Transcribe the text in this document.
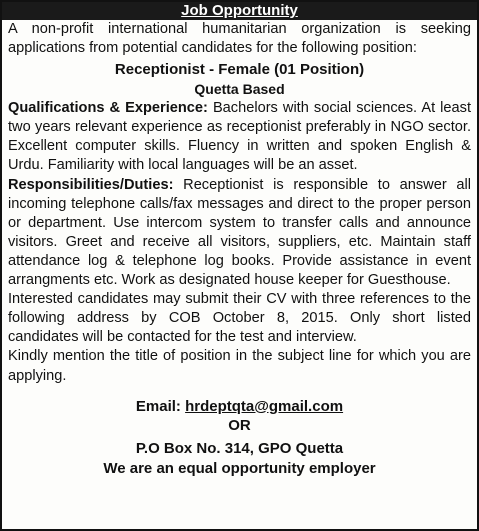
Job Opportunity

A non-profit international humanitarian organization is seeking applications from potential candidates for the following position:

Receptionist - Female (01 Position)
Quetta Based

Qualifications & Experience: Bachelors with social sciences. At least two years relevant experience as receptionist preferably in NGO sector. Excellent computer skills. Fluency in written and spoken English & Urdu. Familiarity with local languages will be an asset.

Responsibilities/Duties: Receptionist is responsible to answer all incoming telephone calls/fax messages and direct to the proper person or department. Use intercom system to transfer calls and announce visitors. Greet and receive all visitors, suppliers, etc. Maintain staff attendance log & telephone log books. Provide assistance in event arrangments etc. Work as designated house keeper for Guesthouse.

Interested candidates may submit their CV with three references to the following address by COB October 8, 2015. Only short listed candidates will be contacted for the test and interview.

Kindly mention the title of position in the subject line for which you are applying.

Email: hrdeptqta@gmail.com
OR
P.O Box No. 314, GPO Quetta
We are an equal opportunity employer
